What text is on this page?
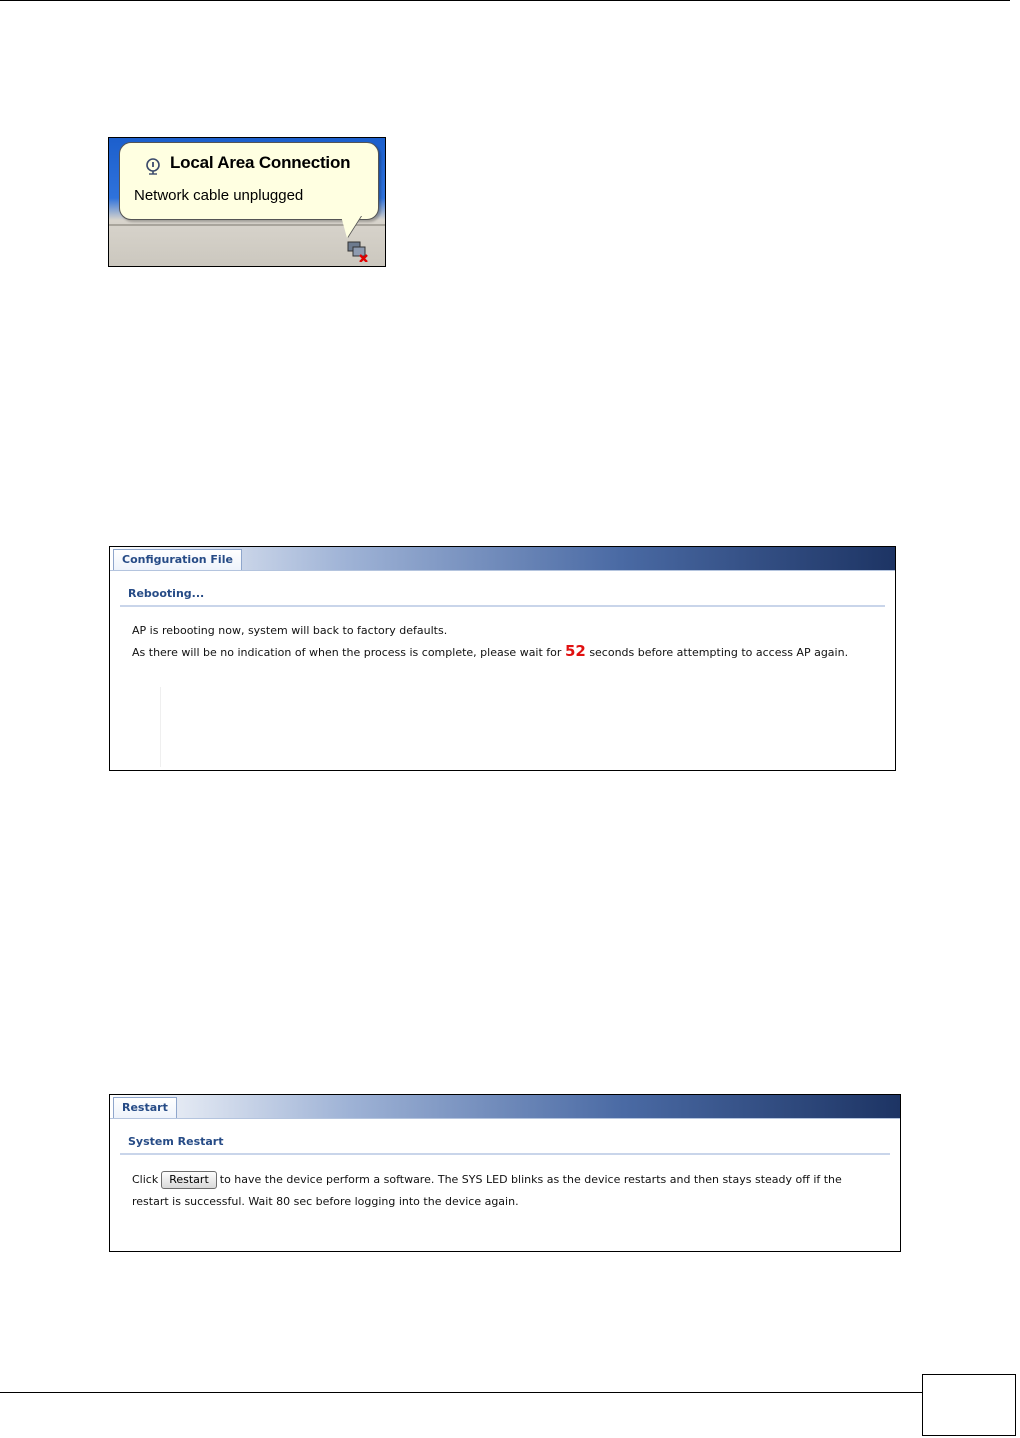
Local Area Connection
Network cable unplugged
Configuration File
Rebooting...
AP is rebooting now, system will back to factory defaults.
As there will be no indication of when the process is complete, please wait for 52 seconds before attempting to access AP again.
Restart
System Restart
Click Restart to have the device perform a software. The SYS LED blinks as the device restarts and then stays steady off if the
restart is successful. Wait 80 sec before logging into the device again.
